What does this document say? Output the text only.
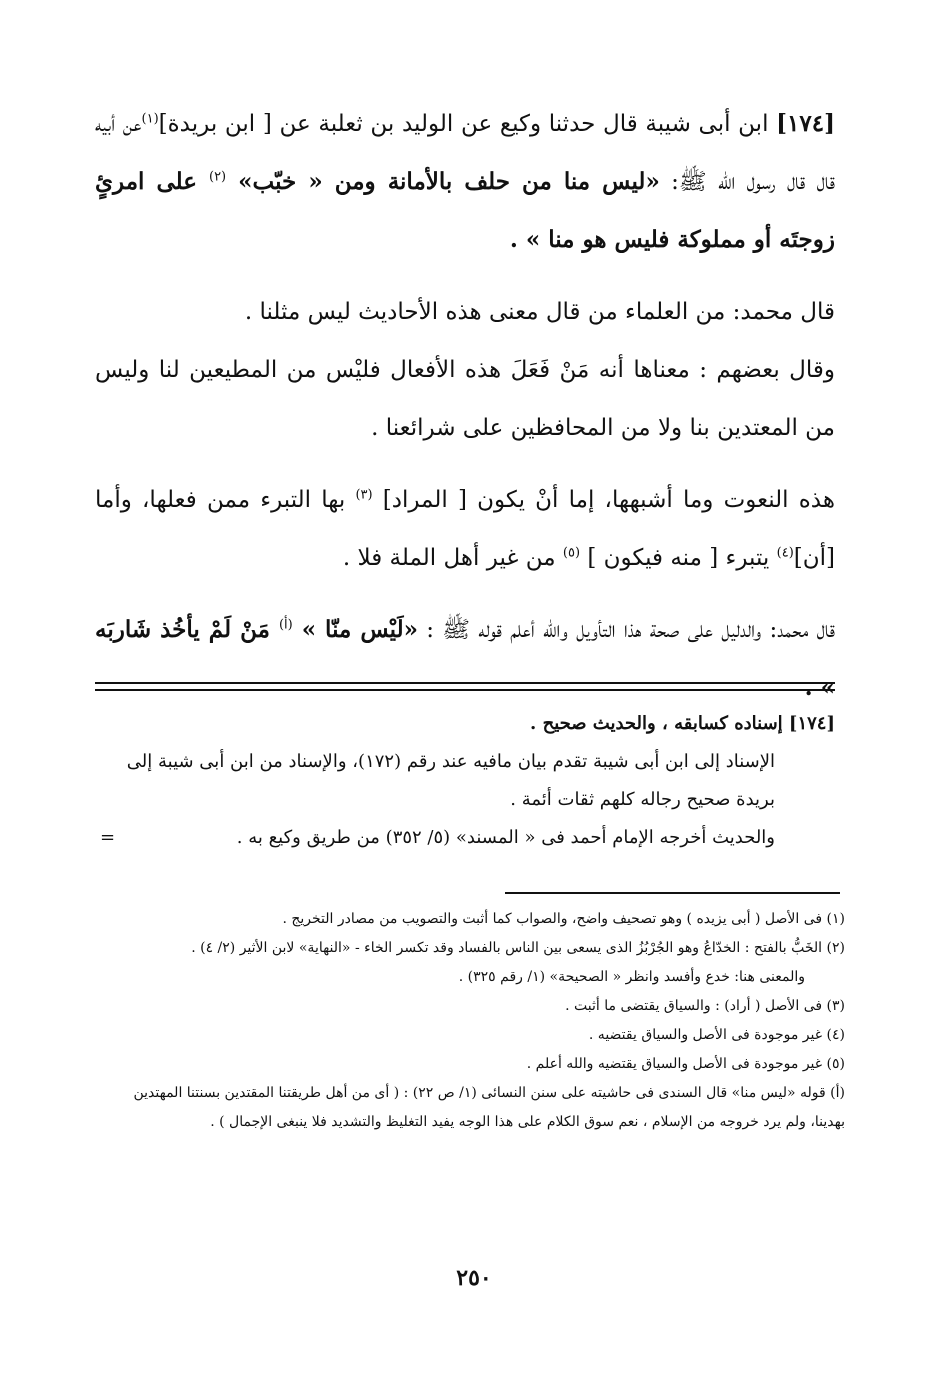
[١٧٤] ابن أبى شيبة قال حدثنا وكيع عن الوليد بن ثعلبة عن [ ابن بريدة]$^{(١)}$عن أبيه قال قال رسول الله ﷺ: «ليس منا من حلف بالأمانة ومن « خبّب» $^{(٢)}$ على امرئٍ زوجتَه أو مملوكة فليس هو منا » .

قال محمد: من العلماء من قال معنى هذه الأحاديث ليس مثلنا .

وقال بعضهم : معناها أنه مَنْ فَعَلَ هذه الأفعال فليْس من المطيعين لنا وليس من المعتدين بنا ولا من المحافظين على شرائعنا .

هذه النعوت وما أشبهها، إما أنْ يكون [ المراد] $^{(٣)}$ بها التبرء ممن فعلها، وأما [أن]$^{(٤)}$ يتبرء [ منه فيكون ] $^{(٥)}$ من غير أهل الملة فلا .

قال محمد: والدليل على صحة هذا التأويل والله أعلم قوله ﷺ : «لَيْس منّا » $^{(أ)}$ مَنْ لَمْ يأخُذ شَاربَه » .

[١٧٤] إسناده كسابقه ، والحديث صحيح .
الإسناد إلى ابن أبى شيبة تقدم بيان مافيه عند رقم (١٧٢)، والإسناد من ابن أبى شيبة إلى بريدة صحيح رجاله كلهم ثقات أئمة .
=	والحديث أخرجه الإمام أحمد فى « المسند» (٥/ ٣٥٢) من طريق وكيع به .

(١) فى الأصل ( أبى يزيده ) وهو تصحيف واضح، والصواب كما أثبت والتصويب من مصادر التخريج .

(٢) الخَبُّ بالفتح : الخدّاعُ وهو الجُرْبُزُ الذى يسعى بين الناس بالفساد وقد تكسر الخاء - «النهاية» لابن الأثير (٢/ ٤) .

والمعنى هنا: خدع وأفسد وانظر « الصحيحة» (١/ رقم ٣٢٥) .

(٣) فى الأصل ( أراد) : والسياق يقتضى ما أثبت .

(٤) غير موجودة فى الأصل والسياق يقتضيه .

(٥) غير موجودة فى الأصل والسياق يقتضيه والله أعلم .

(أ) قوله «ليس منا» قال السندى فى حاشيته على سنن النسائى (١/ ص ٢٢) : ( أى من أهل طريقتنا المقتدين بسنتنا المهتدين بهدينا، ولم يرد خروجه من الإسلام ، نعم سوق الكلام على هذا الوجه يفيد التغليظ والتشديد فلا ينبغى الإجمال ) .

٢٥٠
